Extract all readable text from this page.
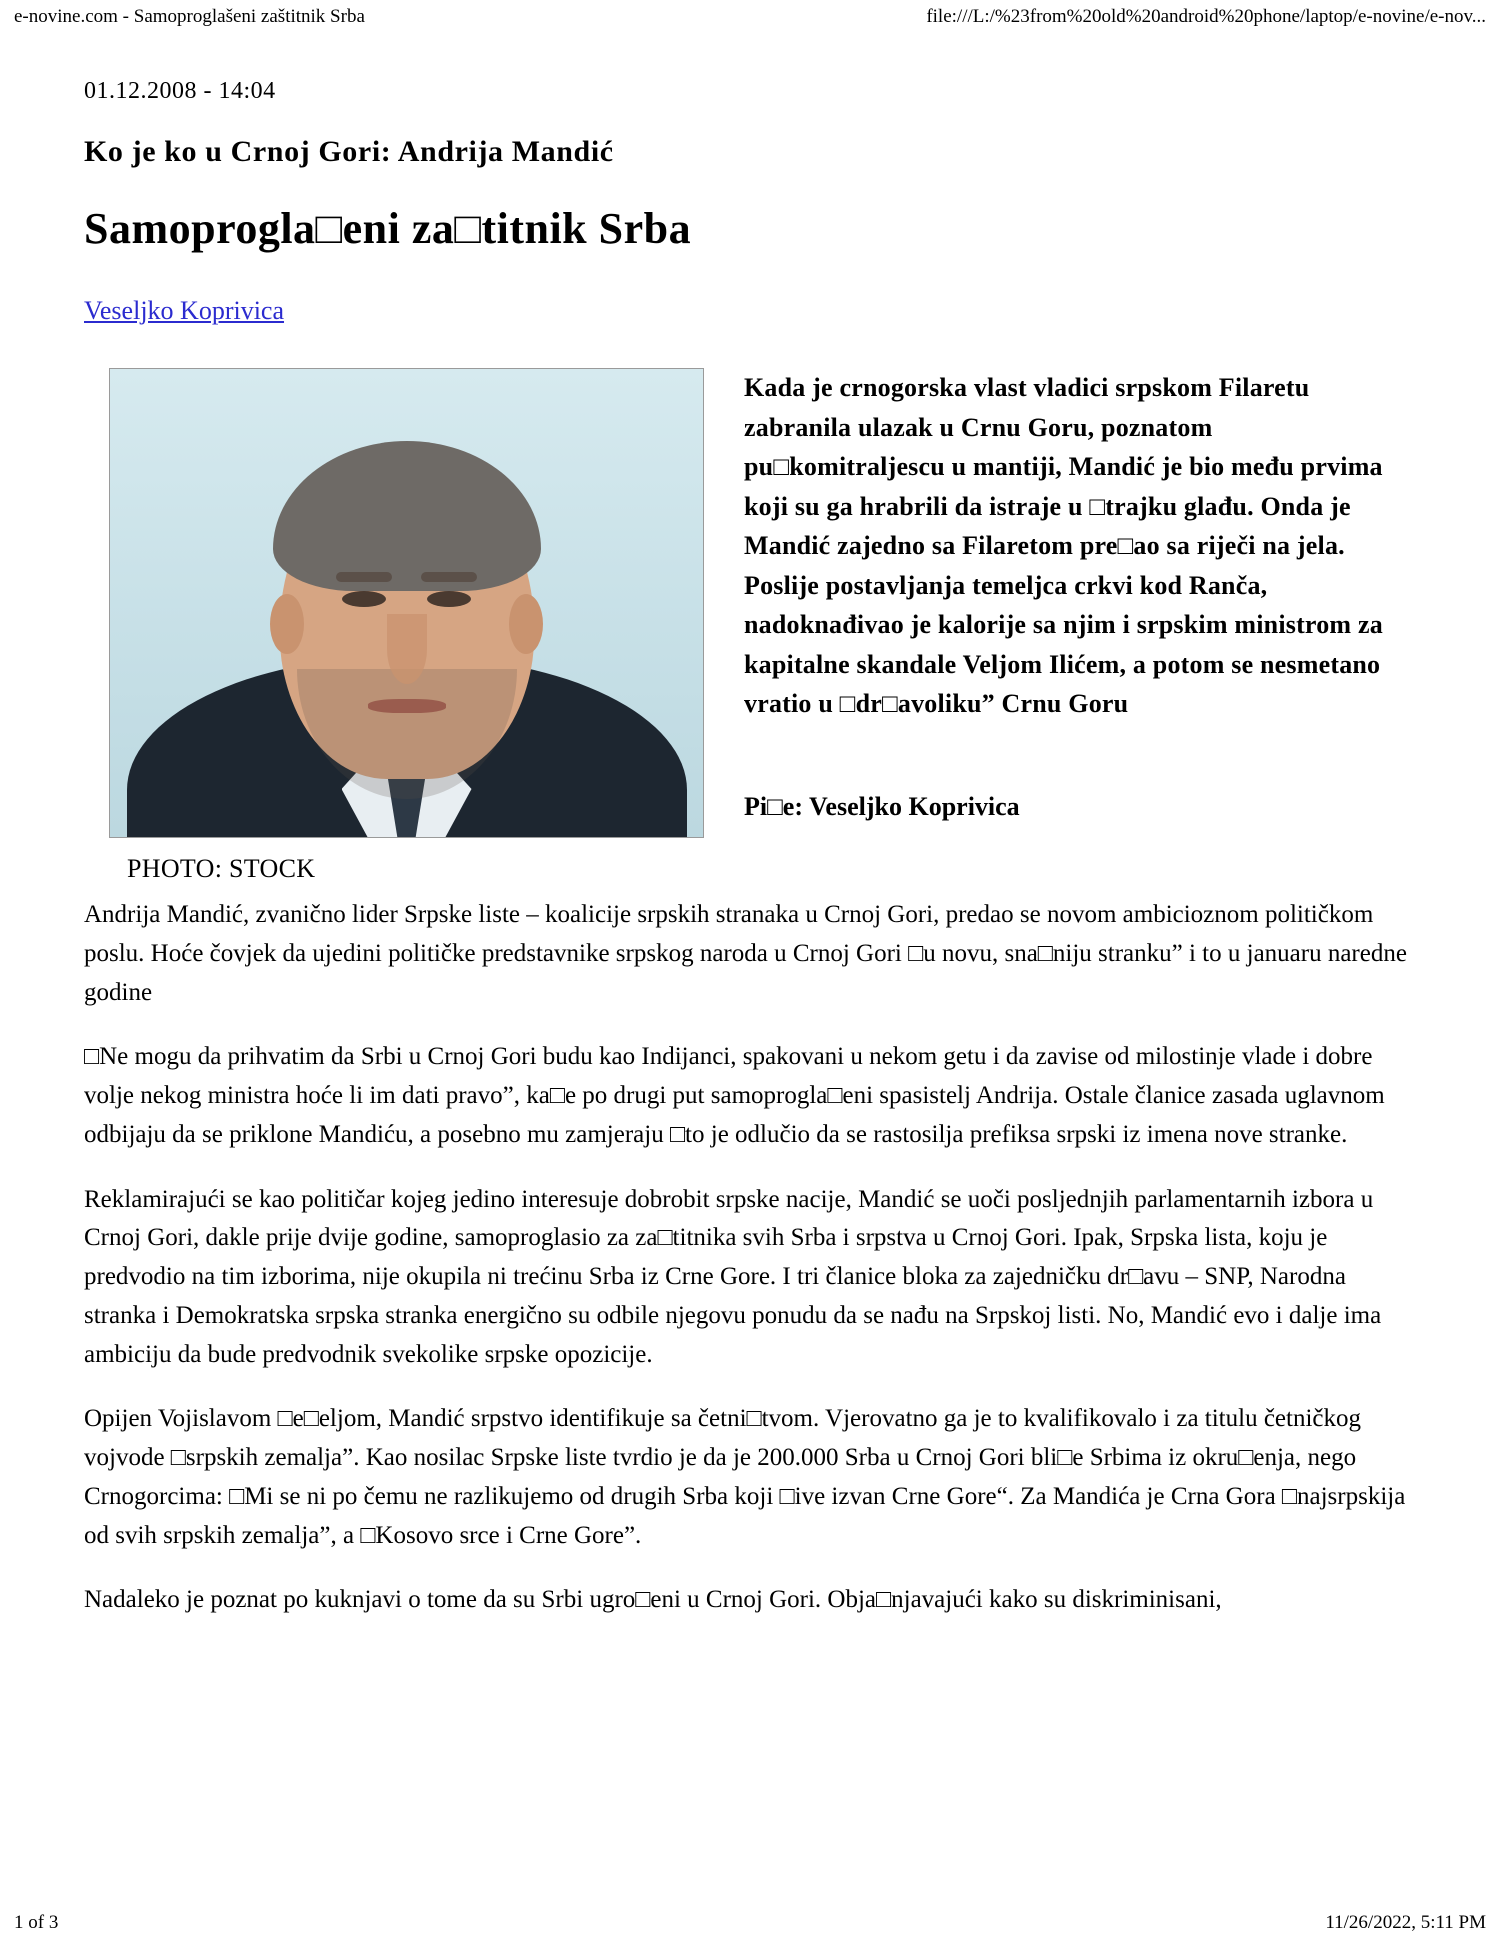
e-novine.com - Samoproglašeni zaštitnik Srba	file:///L:/%23from%20old%20android%20phone/laptop/e-novine/e-nov...
01.12.2008 - 14:04
Ko je ko u Crnoj Gori: Andrija Mandić
Samoprogla□eni za□titnik Srba
Veseljko Koprivica
PHOTO: STOCK
Kada je crnogorska vlast vladici srpskom Filaretu zabranila ulazak u Crnu Goru, poznatom pu□komitraljescu u mantiji, Mandić je bio među prvima koji su ga hrabrili da istraje u □trajku glađu. Onda je Mandić zajedno sa Filaretom pre□ao sa riječi na jela. Poslije postavljanja temeljca crkvi kod Ranča, nadoknađivao je kalorije sa njim i srpskim ministrom za kapitalne skandale Veljom Ilićem, a potom se nesmetano vratio u □dr□avoliku” Crnu Goru
Pi□e: Veseljko Koprivica

Andrija Mandić, zvanično lider Srpske liste – koalicije srpskih stranaka u Crnoj Gori, predao se novom ambicioznom političkom poslu. Hoće čovjek da ujedini političke predstavnike srpskog naroda u Crnoj Gori □u novu, sna□niju stranku” i to u januaru naredne godine

□Ne mogu da prihvatim da Srbi u Crnoj Gori budu kao Indijanci, spakovani u nekom getu i da zavise od milostinje vlade i dobre volje nekog ministra hoće li im dati pravo”, ka□e po drugi put samoprogla□eni spasistelj Andrija. Ostale članice zasada uglavnom odbijaju da se priklone Mandiću, a posebno mu zamjeraju □to je odlučio da se rastosilja prefiksa srpski iz imena nove stranke.

Reklamirajući se kao političar kojeg jedino interesuje dobrobit srpske nacije, Mandić se uoči posljednjih parlamentarnih izbora u Crnoj Gori, dakle prije dvije godine, samoproglasio za za□titnika svih Srba i srpstva u Crnoj Gori. Ipak, Srpska lista, koju je predvodio na tim izborima, nije okupila ni trećinu Srba iz Crne Gore. I tri članice bloka za zajedničku dr□avu – SNP, Narodna stranka i Demokratska srpska stranka energično su odbile njegovu ponudu da se nađu na Srpskoj listi. No, Mandić evo i dalje ima ambiciju da bude predvodnik svekolike srpske opozicije.

Opijen Vojislavom □e□eljom, Mandić srpstvo identifikuje sa četni□tvom. Vjerovatno ga je to kvalifikovalo i za titulu četničkog vojvode □srpskih zemalja”. Kao nosilac Srpske liste tvrdio je da je 200.000 Srba u Crnoj Gori bli□e Srbima iz okru□enja, nego Crnogorcima: □Mi se ni po čemu ne razlikujemo od drugih Srba koji □ive izvan Crne Gore“. Za Mandića je Crna Gora □najsrpskija od svih srpskih zemalja”, a □Kosovo srce i Crne Gore”.

Nadaleko je poznat po kuknjavi o tome da su Srbi ugro□eni u Crnoj Gori. Obja□njavajući kako su diskriminisani,

1 of 3	11/26/2022, 5:11 PM
